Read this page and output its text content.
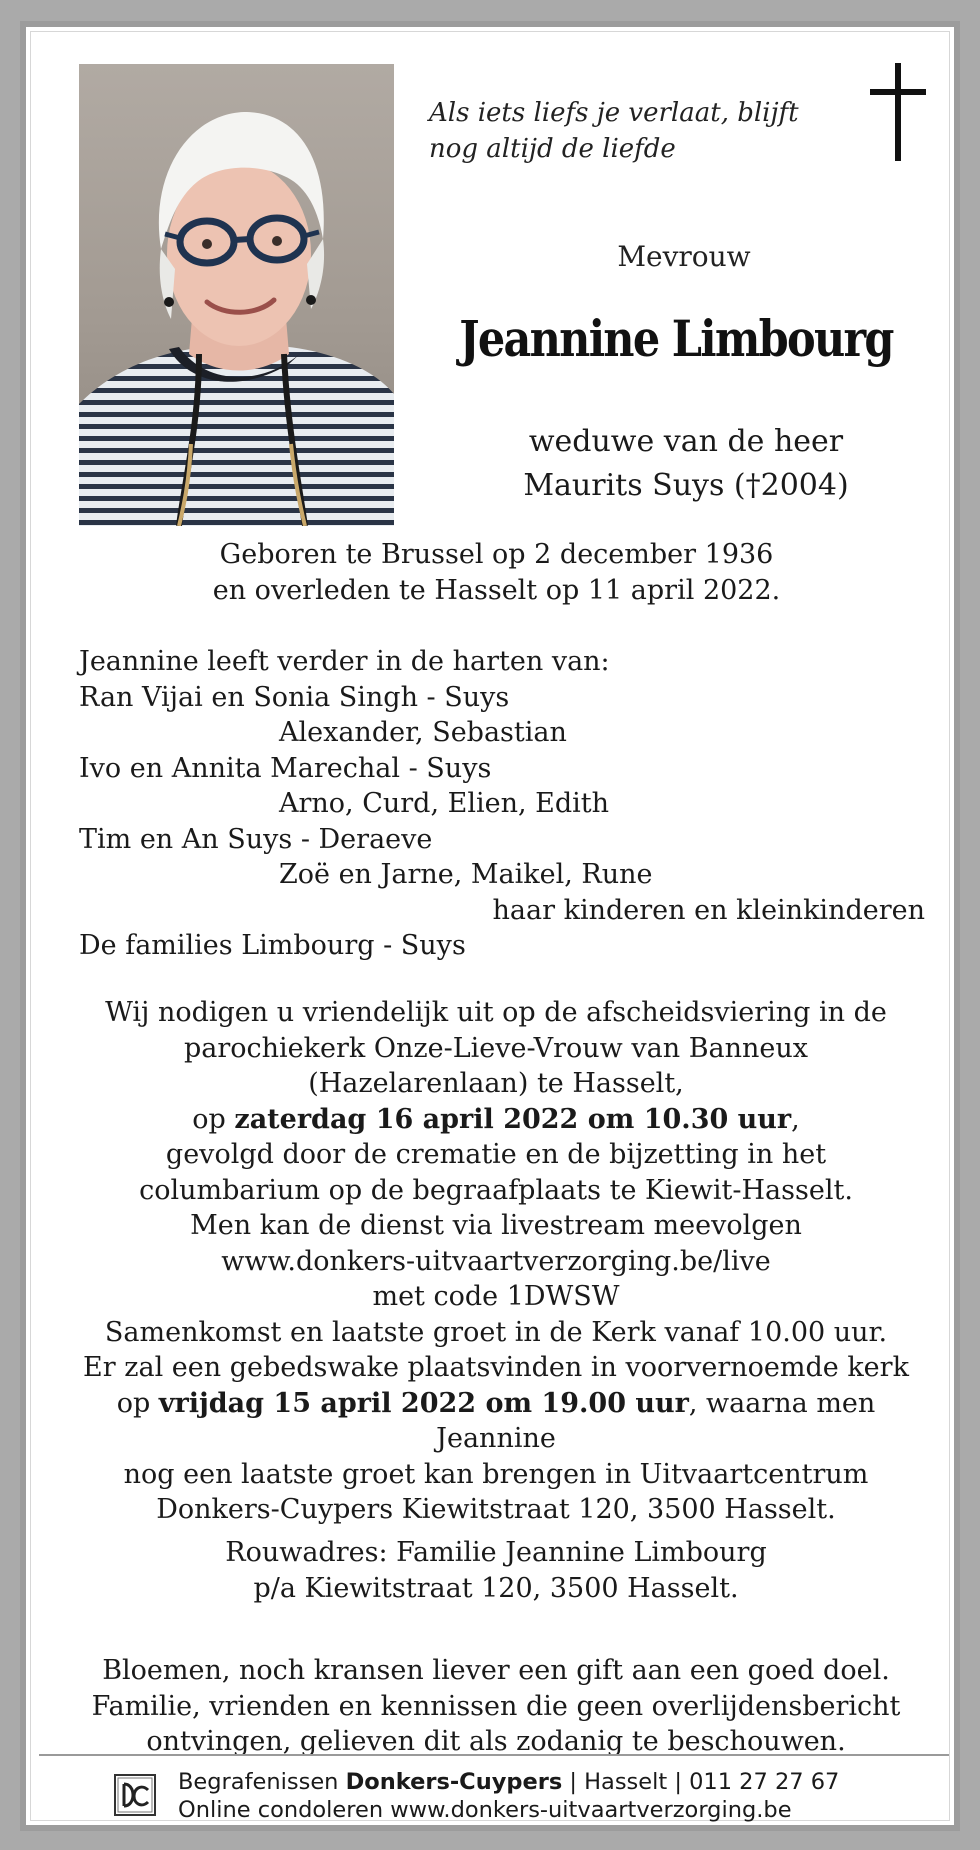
Als iets liefs je verlaat, blijft
nog altijd de liefde
Mevrouw
Jeannine Limbourg
weduwe van de heer
Maurits Suys (†2004)
Geboren te Brussel op 2 december 1936
en overleden te Hasselt op 11 april 2022.
Jeannine leeft verder in de harten van:
Ran Vijai en Sonia Singh - Suys
Alexander, Sebastian
Ivo en Annita Marechal - Suys
Arno, Curd, Elien, Edith
Tim en An Suys - Deraeve
Zoë en Jarne, Maikel, Rune
haar kinderen en kleinkinderen
De families Limbourg - Suys
Wij nodigen u vriendelijk uit op de afscheidsviering in de
parochiekerk Onze-Lieve-Vrouw van Banneux
(Hazelarenlaan) te Hasselt,
op zaterdag 16 april 2022 om 10.30 uur,
gevolgd door de crematie en de bijzetting in het
columbarium op de begraafplaats te Kiewit-Hasselt.
Men kan de dienst via livestream meevolgen
www.donkers-uitvaartverzorging.be/live
met code 1DWSW
Samenkomst en laatste groet in de Kerk vanaf 10.00 uur.
Er zal een gebedswake plaatsvinden in voorvernoemde kerk
op vrijdag 15 april 2022 om 19.00 uur, waarna men Jeannine
nog een laatste groet kan brengen in Uitvaartcentrum
Donkers-Cuypers Kiewitstraat 120, 3500 Hasselt.
Rouwadres: Familie Jeannine Limbourg
p/a Kiewitstraat 120, 3500 Hasselt.
Bloemen, noch kransen liever een gift aan een goed doel.
Familie, vrienden en kennissen die geen overlijdensbericht
ontvingen, gelieven dit als zodanig te beschouwen.
Begrafenissen Donkers-Cuypers | Hasselt | 011 27 27 67
Online condoleren www.donkers-uitvaartverzorging.be
